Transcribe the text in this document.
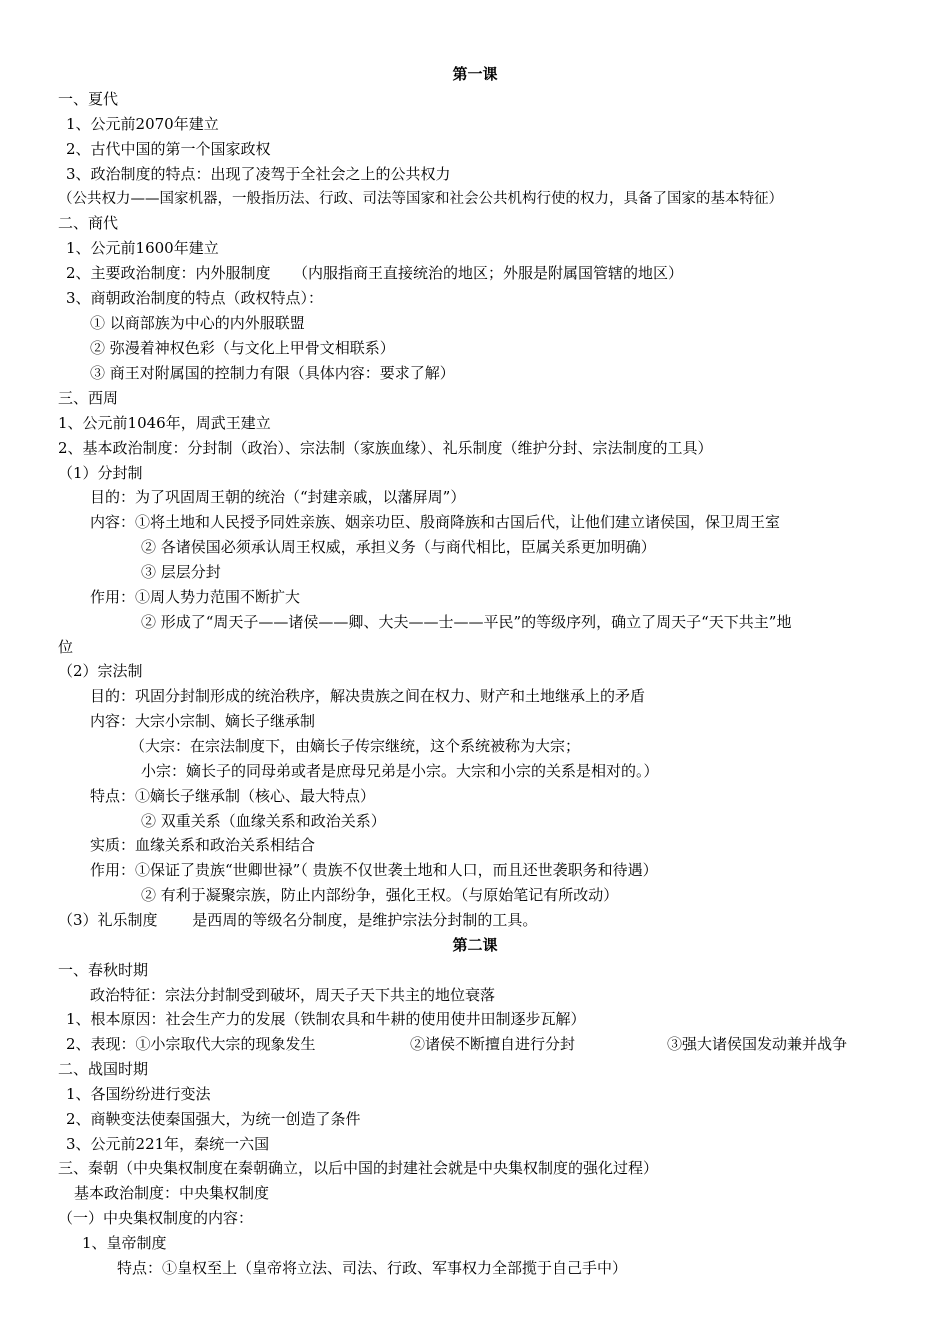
第一课
一、夏代
1、公元前2070年建立
2、古代中国的第一个国家政权
3、政治制度的特点：出现了凌驾于全社会之上的公共权力
（公共权力——国家机器，一般指历法、行政、司法等国家和社会公共机构行使的权力，具备了国家的基本特征）
二、商代
1、公元前1600年建立
2、主要政治制度：内外服制度　　（内服指商王直接统治的地区；外服是附属国管辖的地区）
3、商朝政治制度的特点（政权特点）：
① 以商部族为中心的内外服联盟
② 弥漫着神权色彩（与文化上甲骨文相联系）
③ 商王对附属国的控制力有限（具体内容：要求了解）
三、西周
1、公元前1046年，周武王建立
2、基本政治制度：分封制（政治）、宗法制（家族血缘）、礼乐制度（维护分封、宗法制度的工具）
（1）分封制
目的：为了巩固周王朝的统治（“封建亲戚，以藩屏周”）
内容：①将土地和人民授予同姓亲族、姻亲功臣、殷商降族和古国后代，让他们建立诸侯国，保卫周王室
② 各诸侯国必须承认周王权威，承担义务（与商代相比，臣属关系更加明确）
③ 层层分封
作用：①周人势力范围不断扩大
② 形成了“周天子——诸侯——卿、大夫——士——平民”的等级序列，确立了周天子“天下共主”地
位
（2）宗法制
目的：巩固分封制形成的统治秩序，解决贵族之间在权力、财产和土地继承上的矛盾
内容：大宗小宗制、嫡长子继承制
（大宗：在宗法制度下，由嫡长子传宗继统，这个系统被称为大宗；
小宗：嫡长子的同母弟或者是庶母兄弟是小宗。大宗和小宗的关系是相对的。）
特点：①嫡长子继承制（核心、最大特点）
② 双重关系（血缘关系和政治关系）
实质：血缘关系和政治关系相结合
作用：①保证了贵族“世卿世禄”（ 贵族不仅世袭土地和人口，而且还世袭职务和待遇）
② 有利于凝聚宗族，防止内部纷争，强化王权。（与原始笔记有所改动）
（3）礼乐制度　　 是西周的等级名分制度，是维护宗法分封制的工具。
第二课
一、春秋时期
政治特征：宗法分封制受到破坏，周天子天下共主的地位衰落
1、根本原因：社会生产力的发展（铁制农具和牛耕的使用使井田制逐步瓦解）
2、表现：①小宗取代大宗的现象发生	②诸侯不断擅自进行分封	③强大诸侯国发动兼并战争
二、战国时期
1、各国纷纷进行变法
2、商鞅变法使秦国强大，为统一创造了条件
3、公元前221年，秦统一六国
三、秦朝（中央集权制度在秦朝确立，以后中国的封建社会就是中央集权制度的强化过程）
基本政治制度：中央集权制度
（一）中央集权制度的内容：
1、皇帝制度
特点：①皇权至上（皇帝将立法、司法、行政、军事权力全部揽于自己手中）
